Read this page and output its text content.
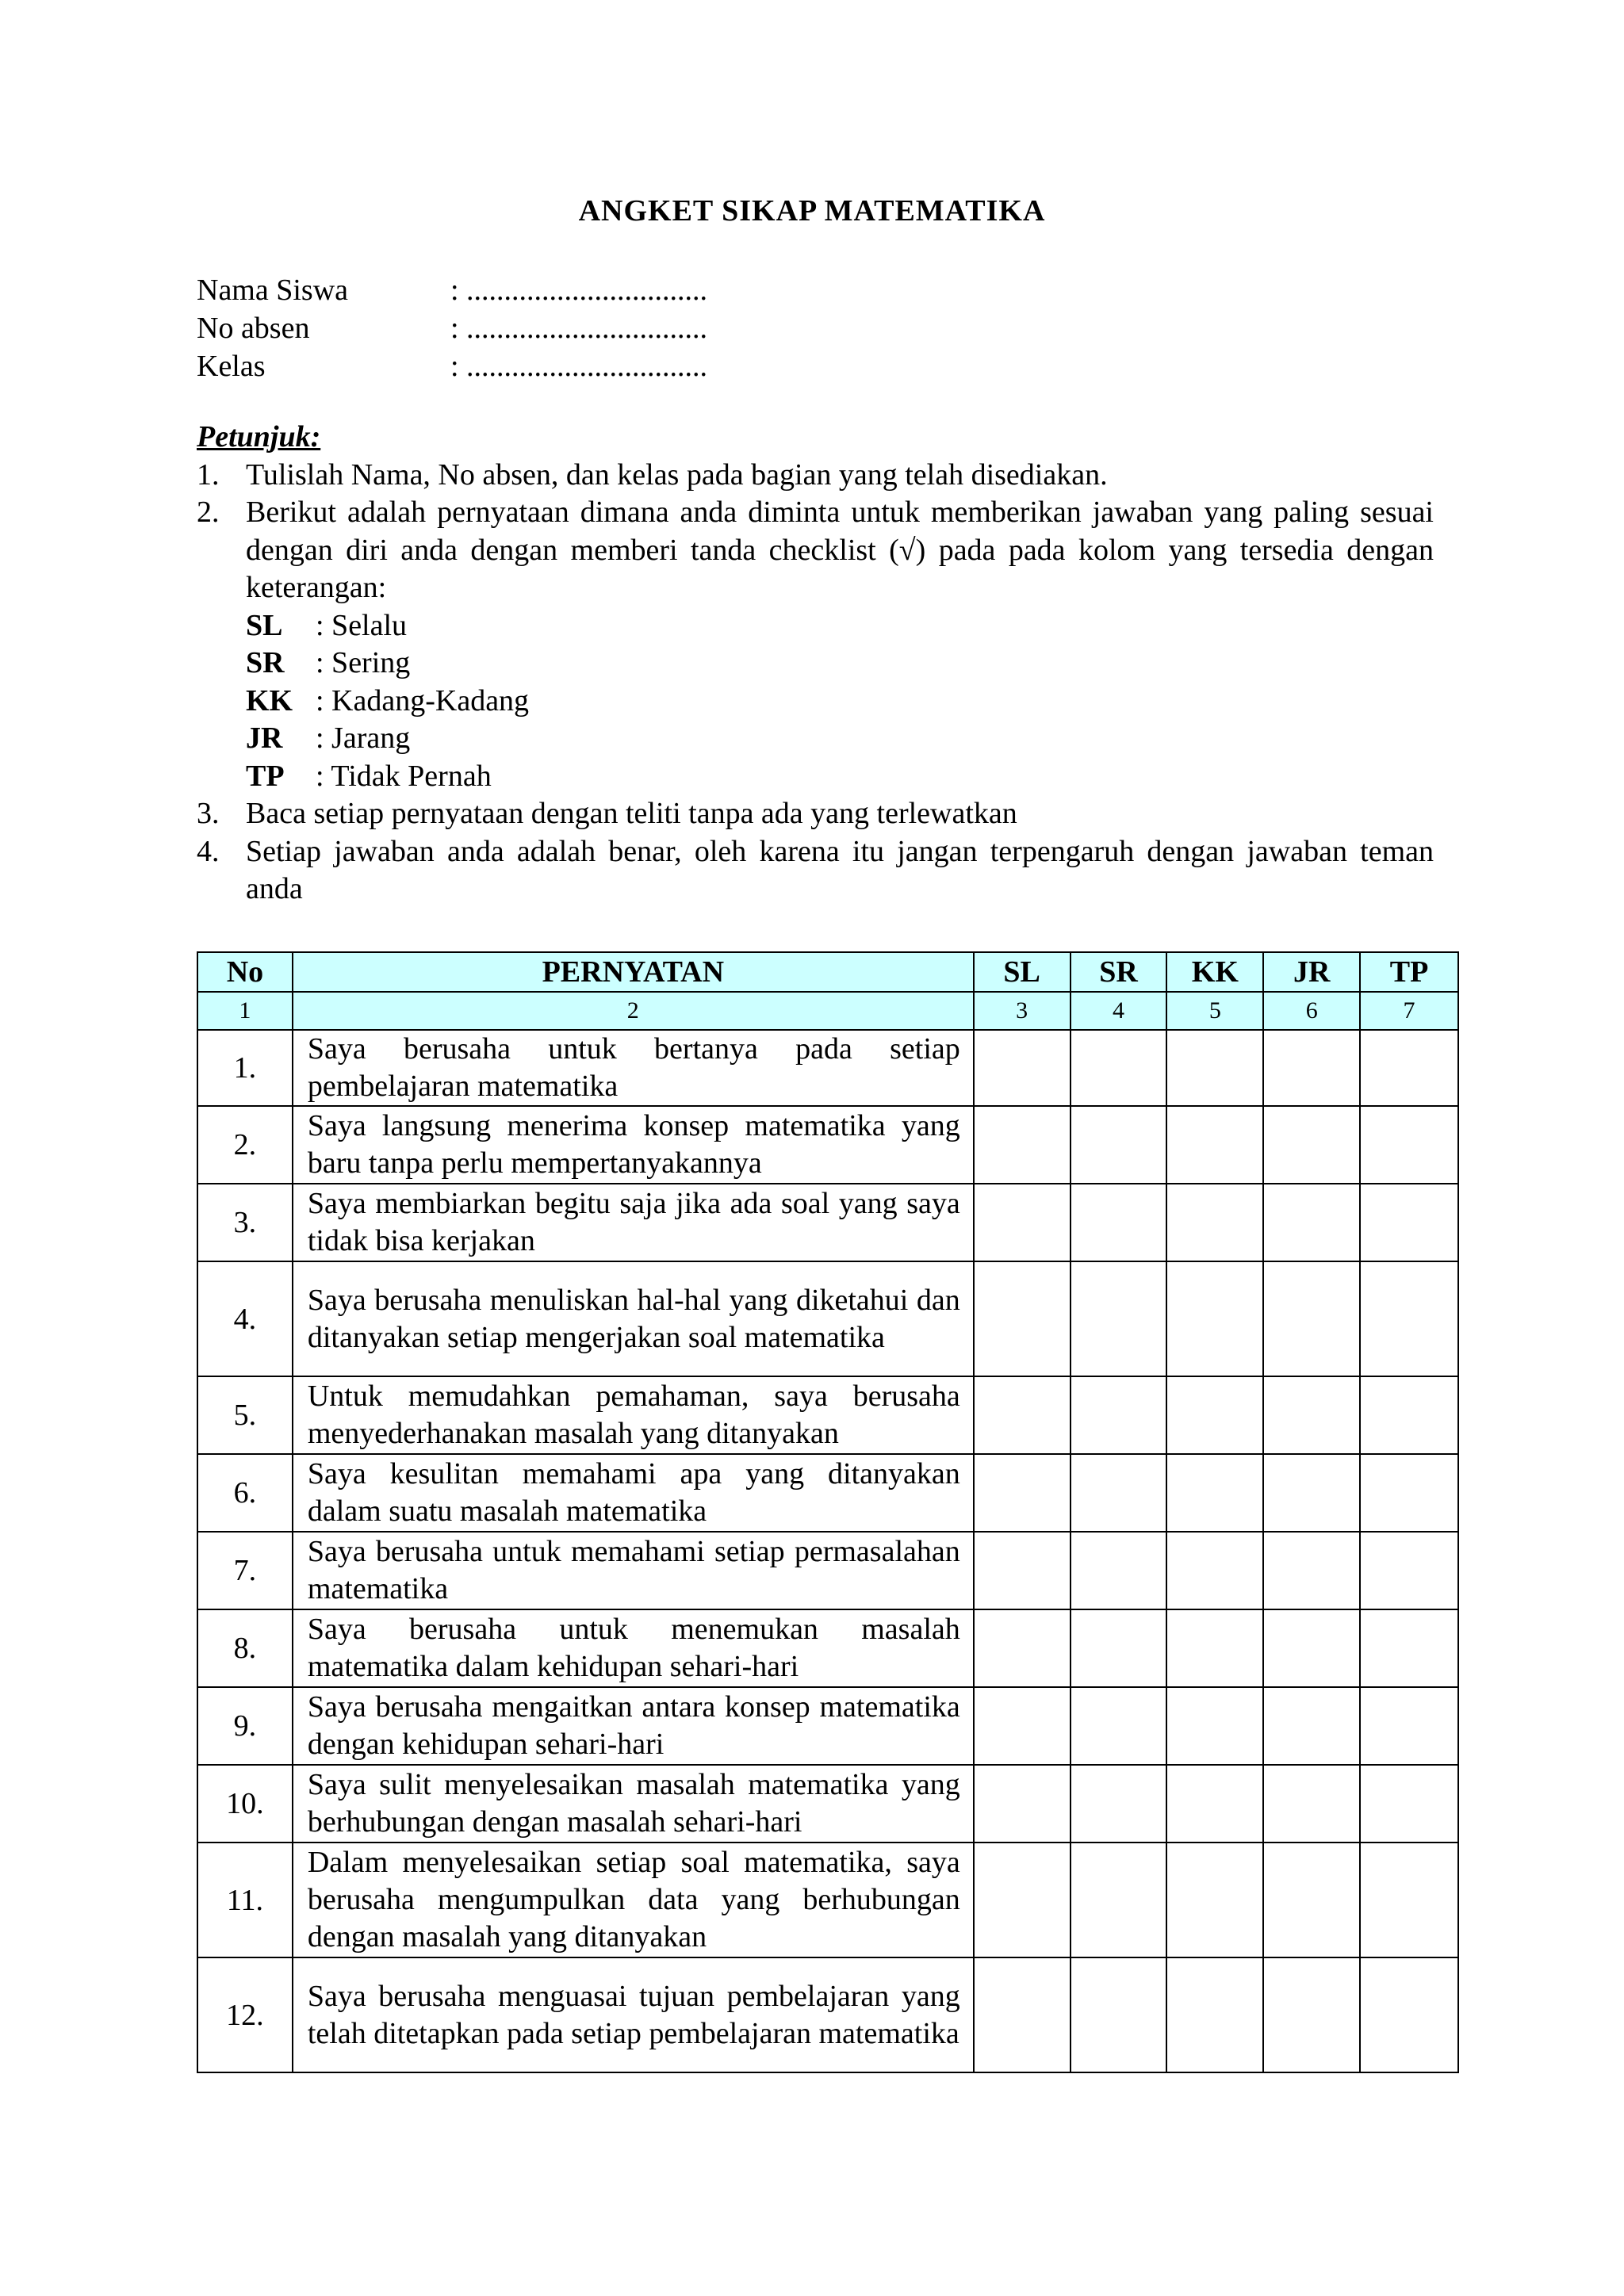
ANGKET SIKAP MATEMATIKA
Nama Siswa	: ................................
No absen	: ................................
Kelas	: ................................
Petunjuk:
1. Tulislah Nama, No absen, dan kelas pada bagian yang telah disediakan.
2. Berikut adalah pernyataan dimana anda diminta untuk memberikan jawaban yang paling sesuai dengan diri anda dengan memberi tanda checklist (√) pada pada kolom yang tersedia dengan keterangan:
SL	: Selalu
SR	: Sering
KK : Kadang-Kadang
JR	: Jarang
TP	: Tidak Pernah
3. Baca setiap pernyataan dengan teliti tanpa ada yang terlewatkan
4. Setiap jawaban anda adalah benar, oleh karena itu jangan terpengaruh dengan jawaban teman anda
No	PERNYATAN	SL	SR	KK	JR	TP
1	2	3	4	5	6	7
1.	Saya berusaha untuk bertanya pada setiap pembelajaran matematika					
2.	Saya langsung menerima konsep matematika yang baru tanpa perlu mempertanyakannya					
3.	Saya membiarkan begitu saja jika ada soal yang saya tidak bisa kerjakan					
4.	Saya berusaha menuliskan hal-hal yang diketahui dan ditanyakan setiap mengerjakan soal matematika					
5.	Untuk memudahkan pemahaman, saya berusaha menyederhanakan masalah yang ditanyakan					
6.	Saya kesulitan memahami apa yang ditanyakan dalam suatu masalah matematika					
7.	Saya berusaha untuk memahami setiap permasalahan matematika					
8.	Saya berusaha untuk menemukan masalah matematika dalam kehidupan sehari-hari					
9.	Saya berusaha mengaitkan antara konsep matematika dengan kehidupan sehari-hari					
10.	Saya sulit menyelesaikan masalah matematika yang berhubungan dengan masalah sehari-hari					
11.	Dalam menyelesaikan setiap soal matematika, saya berusaha mengumpulkan data yang berhubungan dengan masalah yang ditanyakan					
12.	Saya berusaha menguasai tujuan pembelajaran yang telah ditetapkan pada setiap pembelajaran matematika					
